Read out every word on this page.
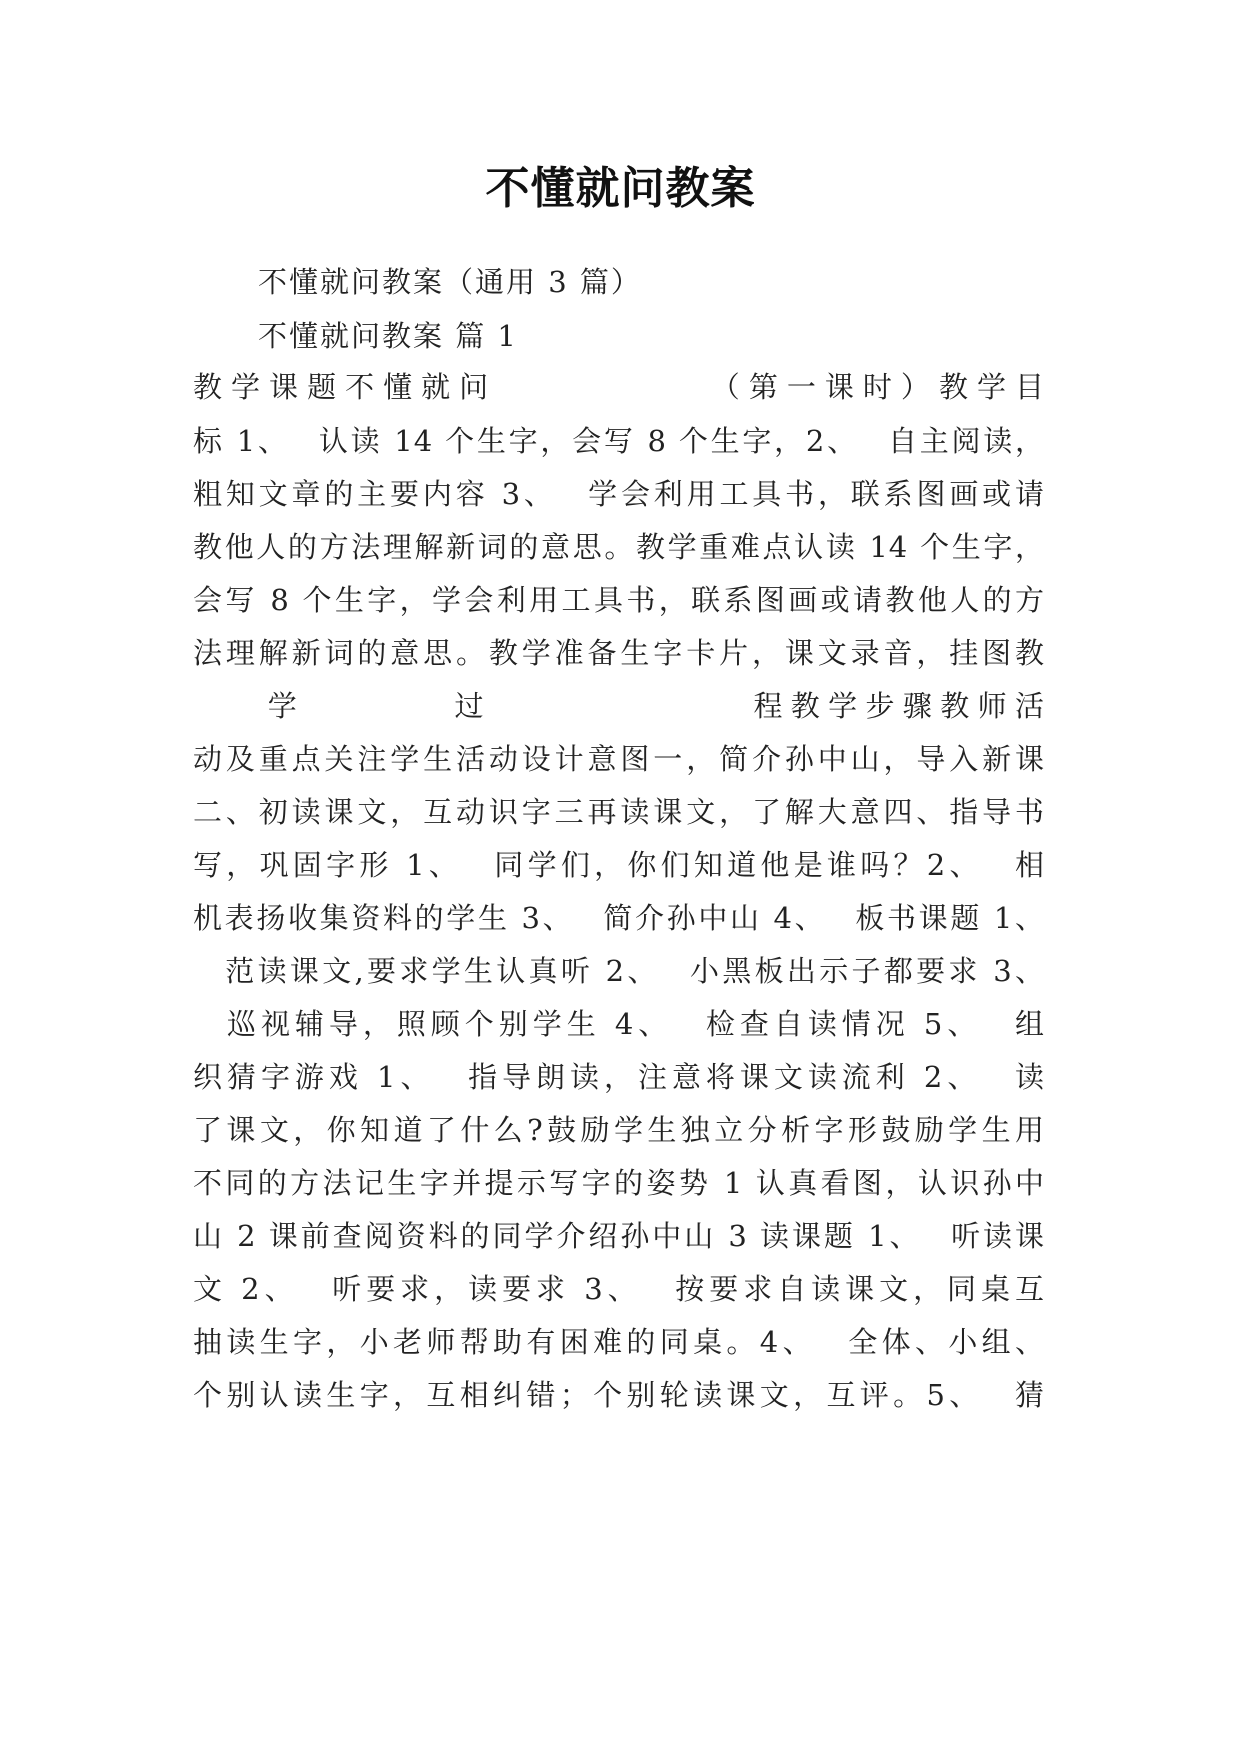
不懂就问教案
不懂就问教案（通用 3 篇）
不懂就问教案 篇 1
教学课题不懂就问　　　　　　（第一课时）教学目
标 1、　 认读 14 个生字，会写 8 个生字，2、　 自主阅读，
粗知文章的主要内容 3、　 学会利用工具书，联系图画或请
教他人的方法理解新词的意思。教学重难点认读 14 个生字，
会写 8 个生字，学会利用工具书，联系图画或请教他人的方
法理解新词的意思。教学准备生字卡片，课文录音，挂图教
　　学　　　　过　　　　　　　程教学步骤教师活
动及重点关注学生活动设计意图一，简介孙中山，导入新课
二、初读课文，互动识字三再读课文，了解大意四、指导书
写，巩固字形 1、　 同学们，你们知道他是谁吗？2、　 相
机表扬收集资料的学生 3、　 简介孙中山 4、　 板书课题 1、
　范读课文,要求学生认真听 2、　 小黑板出示子都要求 3、
　巡视辅导，照顾个别学生 4、　 检查自读情况 5、　 组
织猜字游戏 1、　 指导朗读，注意将课文读流利 2、　 读
了课文，你知道了什么?鼓励学生独立分析字形鼓励学生用
不同的方法记生字并提示写字的姿势 1 认真看图，认识孙中
山 2 课前查阅资料的同学介绍孙中山 3 读课题 1、　 听读课
文 2、　 听要求，读要求 3、　 按要求自读课文，同桌互
抽读生字，小老师帮助有困难的同桌。4、　 全体、小组、
个别认读生字，互相纠错；个别轮读课文，互评。5、　 猜
